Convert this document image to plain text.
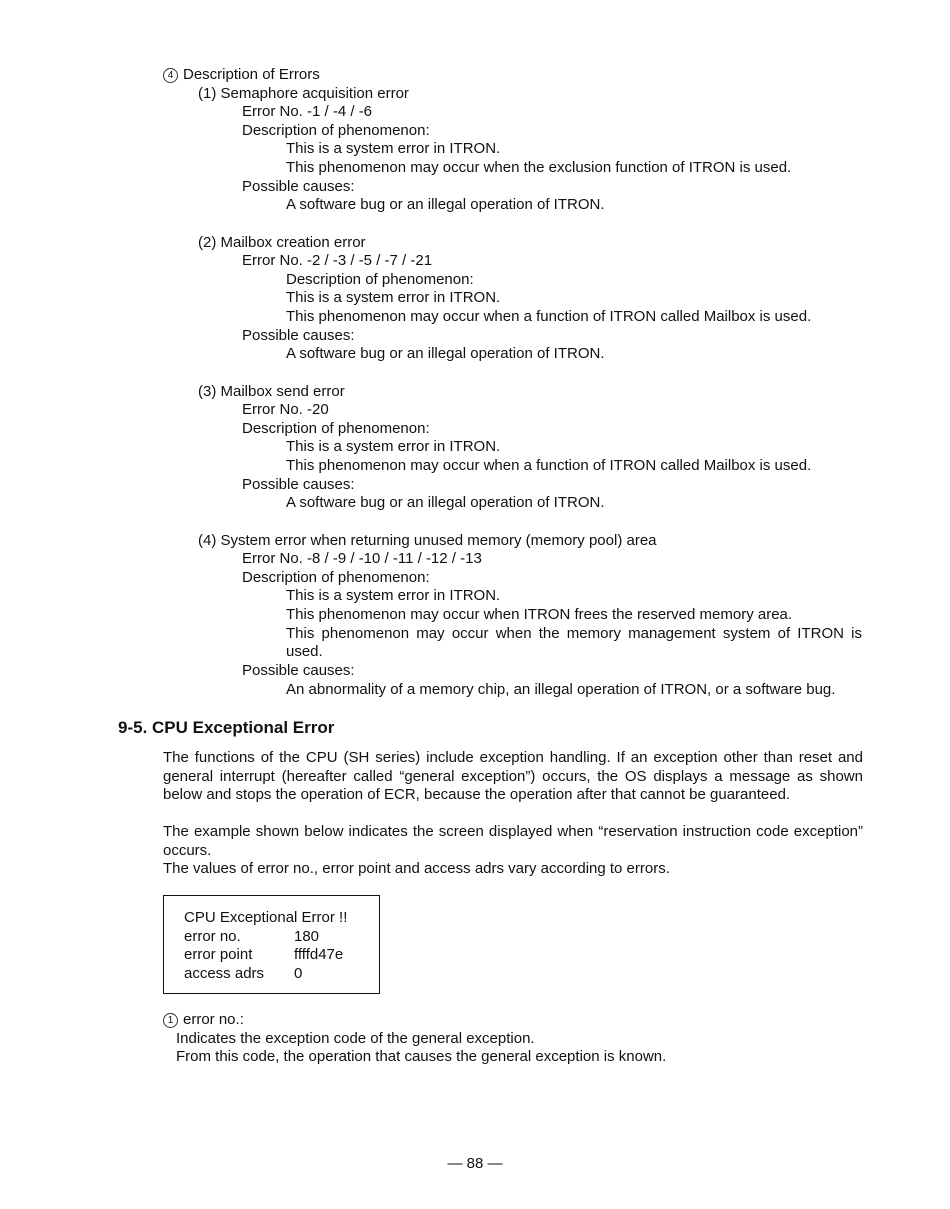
4 Description of Errors
(1) Semaphore acquisition error
Error No. -1 / -4 / -6
Description of phenomenon:
This is a system error in ITRON.
This phenomenon may occur when the exclusion function of ITRON is used.
Possible causes:
A software bug or an illegal operation of ITRON.
(2) Mailbox creation error
Error No. -2 / -3 / -5 / -7 / -21
Description of phenomenon:
This is a system error in ITRON.
This phenomenon may occur when a function of ITRON called Mailbox is used.
Possible causes:
A software bug or an illegal operation of ITRON.
(3) Mailbox send error
Error No. -20
Description of phenomenon:
This is a system error in ITRON.
This phenomenon may occur when a function of ITRON called Mailbox is used.
Possible causes:
A software bug or an illegal operation of ITRON.
(4) System error when returning unused memory (memory pool) area
Error No. -8 / -9 / -10 / -11 / -12 / -13
Description of phenomenon:
This is a system error in ITRON.
This phenomenon may occur when ITRON frees the reserved memory area.
This phenomenon may occur when the memory management system of ITRON is
used.
Possible causes:
An abnormality of a memory chip, an illegal operation of ITRON, or a software bug.
9-5. CPU Exceptional Error
The functions of the CPU (SH series) include exception handling. If an exception other than reset and
general interrupt (hereafter called “general exception”) occurs, the OS displays a message as shown
below and stops the operation of ECR, because the operation after that cannot be guaranteed.
The example shown below indicates the screen displayed when “reservation instruction code exception”
occurs.
The values of error no., error point and access adrs vary according to errors.
CPU Exceptional Error !!
error no.	180
error point	ffffd47e
access adrs 0
1 error no.:
Indicates the exception code of the general exception.
From this code, the operation that causes the general exception is known.
— 88 —
